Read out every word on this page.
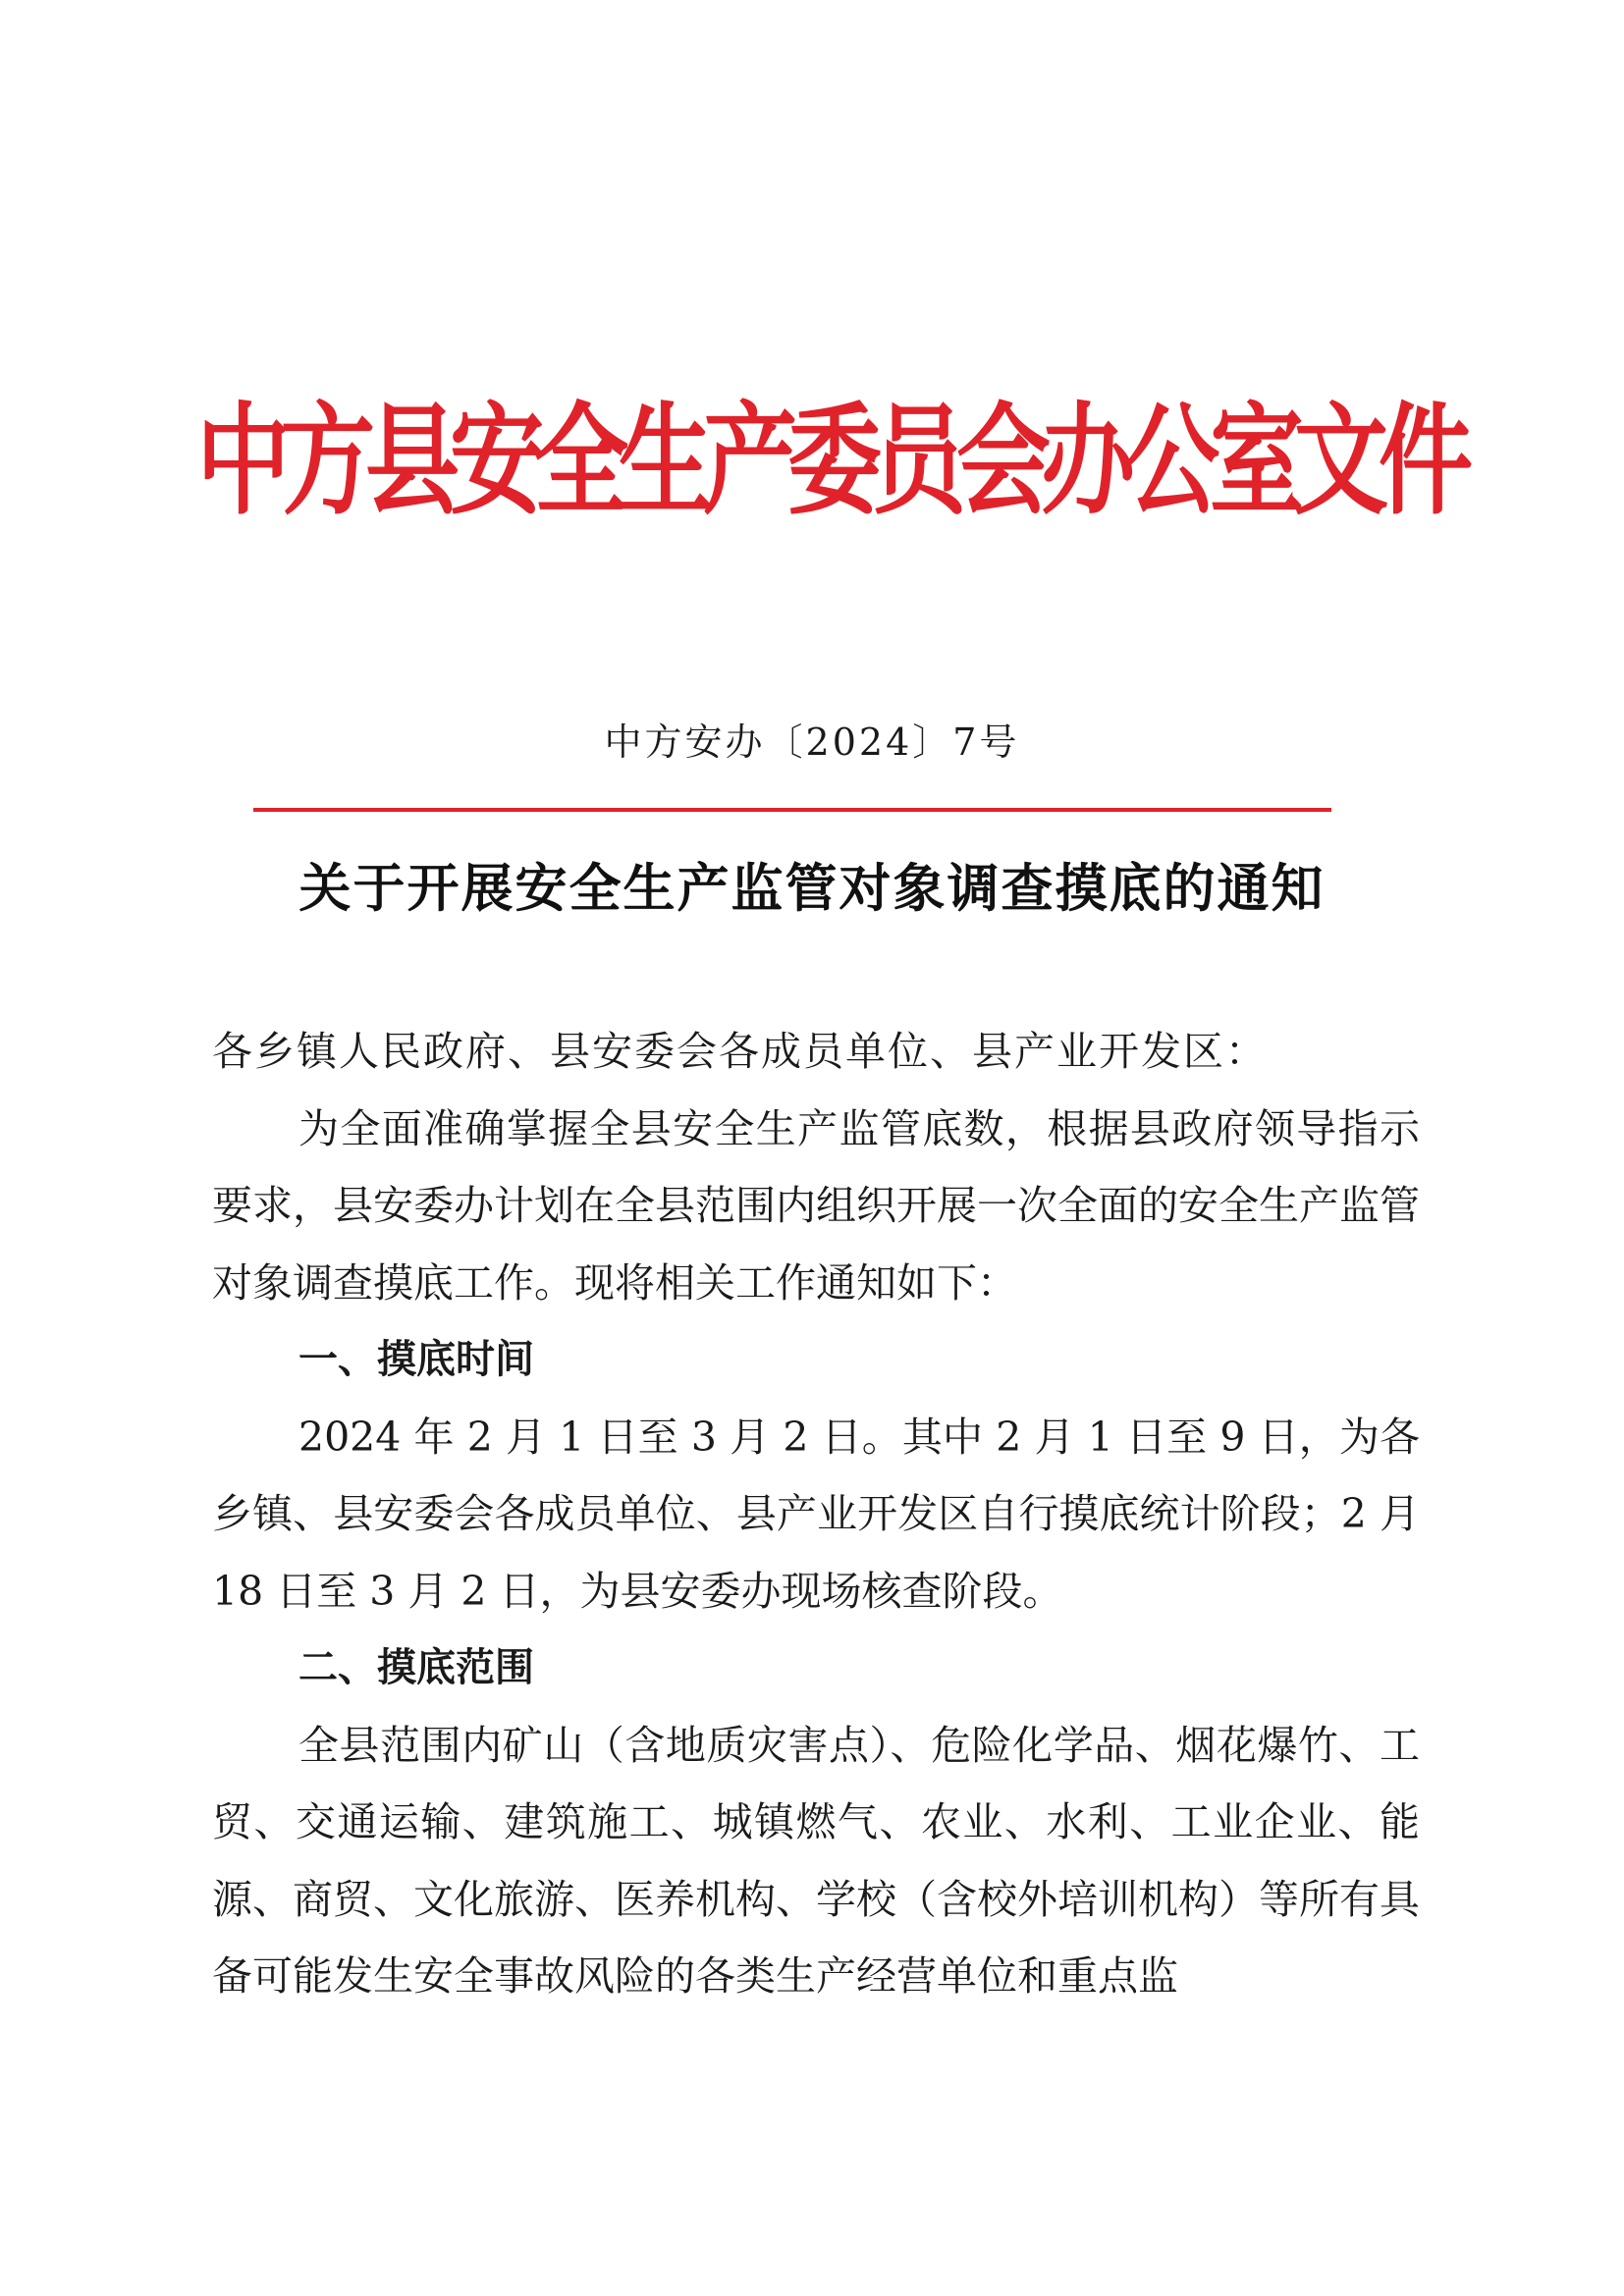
中方县安全生产委员会办公室文件
中方安办〔2024〕7号
关于开展安全生产监管对象调查摸底的通知

各乡镇人民政府、县安委会各成员单位、县产业开发区：

为全面准确掌握全县安全生产监管底数，根据县政府领导指示要求，县安委办计划在全县范围内组织开展一次全面的安全生产监管对象调查摸底工作。现将相关工作通知如下：

一、摸底时间

2024 年 2 月 1 日至 3 月 2 日。其中 2 月 1 日至 9 日，为各乡镇、县安委会各成员单位、县产业开发区自行摸底统计阶段；2 月 18 日至 3 月 2 日，为县安委办现场核查阶段。

二、摸底范围

全县范围内矿山（含地质灾害点）、危险化学品、烟花爆竹、工贸、交通运输、建筑施工、城镇燃气、农业、水利、工业企业、能源、商贸、文化旅游、医养机构、学校（含校外培训机构）等所有具备可能发生安全事故风险的各类生产经营单位和重点监
